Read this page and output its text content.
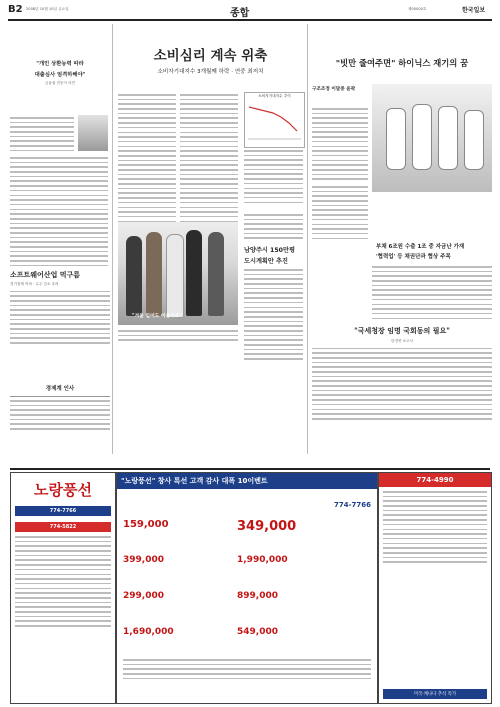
B2 2008년 10월 10일 금요일	종합	제00000호	한국일보
"개인 상환능력 따라
대출심사 엄격하해야"
금융권 전문가 의견
소프트웨어산업 먹구름
경기침체 여파 · 수주 감소 우려
경제계 인사
소비심리 계속 위축
소비자기대지수 3개월째 하락 · 연중 최저치
소비자기대지수 추이
"겨울 입어도 어울리죠"
남양주시 150만평
도시계획안 추진
"빗만 줄여주면" 하이닉스 재기의 꿈
구조조정 이달중 윤곽
부채 6조원 수출 1조 중 자금난 가재
'협력업' 등 채권단과 협상 주목
"국세청장 임명 국회동의 필요"
한경연 보고서
노랑풍선
774-7766
774-5822
"노랑풍선" 창사 특선 고객 감사 대폭 10이벤트
774-7766
159,000	349,000
399,000	1,990,000
299,000	899,000
1,690,000	549,000
774-4990
미국·캐나다 추석 특가
